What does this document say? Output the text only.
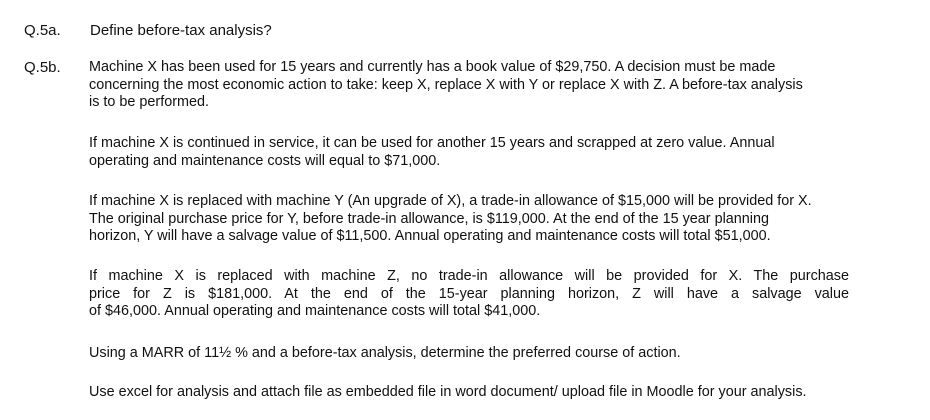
Q.5a. Define before-tax analysis?
Q.5b. Machine X has been used for 15 years and currently has a book value of $29,750. A decision must be made
concerning the most economic action to take: keep X, replace X with Y or replace X with Z. A before-tax analysis
is to be performed.
If machine X is continued in service, it can be used for another 15 years and scrapped at zero value. Annual
operating and maintenance costs will equal to $71,000.
If machine X is replaced with machine Y (An upgrade of X), a trade-in allowance of $15,000 will be provided for X.
The original purchase price for Y, before trade-in allowance, is $119,000. At the end of the 15 year planning
horizon, Y will have a salvage value of $11,500. Annual operating and maintenance costs will total $51,000.
If machine X is replaced with machine Z, no trade-in allowance will be provided for X. The purchase
price for Z is $181,000. At the end of the 15-year planning horizon, Z will have a salvage value
of $46,000. Annual operating and maintenance costs will total $41,000.
Using a MARR of 11½ % and a before-tax analysis, determine the preferred course of action.
Use excel for analysis and attach file as embedded file in word document/ upload file in Moodle for your analysis.
